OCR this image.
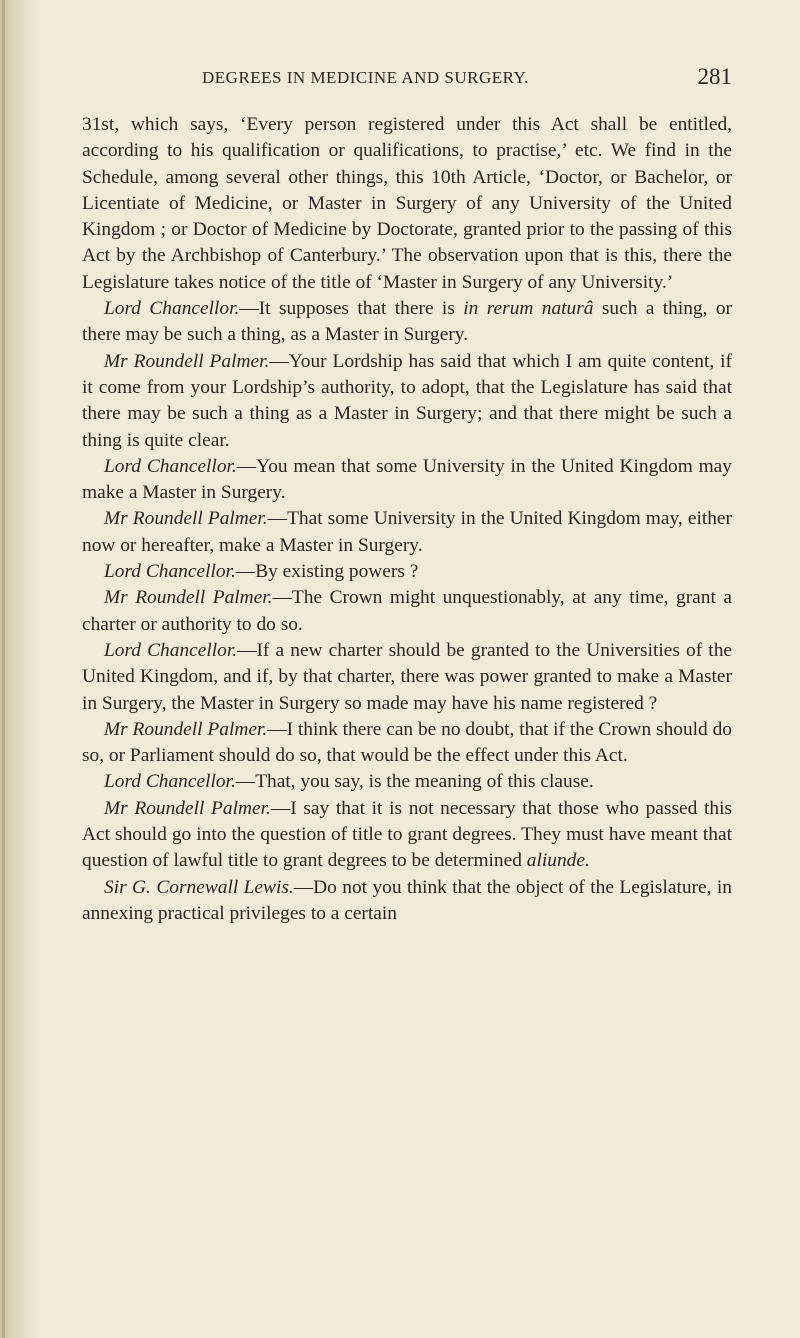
DEGREES IN MEDICINE AND SURGERY.	281

31st, which says, ‘Every person registered under this Act shall be entitled, according to his qualification or qualifications, to practise,’ etc. We find in the Schedule, among several other things, this 10th Article, ‘Doctor, or Bachelor, or Licentiate of Medicine, or Master in Surgery of any University of the United Kingdom ; or Doctor of Medicine by Doctorate, granted prior to the passing of this Act by the Archbishop of Canterbury.’ The observation upon that is this, there the Legislature takes notice of the title of ‘Master in Surgery of any University.’

Lord Chancellor.—It supposes that there is in rerum naturâ such a thing, or there may be such a thing, as a Master in Surgery.

Mr Roundell Palmer.—Your Lordship has said that which I am quite content, if it come from your Lordship’s authority, to adopt, that the Legislature has said that there may be such a thing as a Master in Surgery; and that there might be such a thing is quite clear.

Lord Chancellor.—You mean that some University in the United Kingdom may make a Master in Surgery.

Mr Roundell Palmer.—That some University in the United Kingdom may, either now or hereafter, make a Master in Surgery.

Lord Chancellor.—By existing powers ?

Mr Roundell Palmer.—The Crown might unquestionably, at any time, grant a charter or authority to do so.

Lord Chancellor.—If a new charter should be granted to the Universities of the United Kingdom, and if, by that charter, there was power granted to make a Master in Surgery, the Master in Surgery so made may have his name registered ?

Mr Roundell Palmer.—I think there can be no doubt, that if the Crown should do so, or Parliament should do so, that would be the effect under this Act.

Lord Chancellor.—That, you say, is the meaning of this clause.

Mr Roundell Palmer.—I say that it is not necessary that those who passed this Act should go into the question of title to grant degrees. They must have meant that question of lawful title to grant degrees to be determined aliunde.

Sir G. Cornewall Lewis.—Do not you think that the object of the Legislature, in annexing practical privileges to a certain
